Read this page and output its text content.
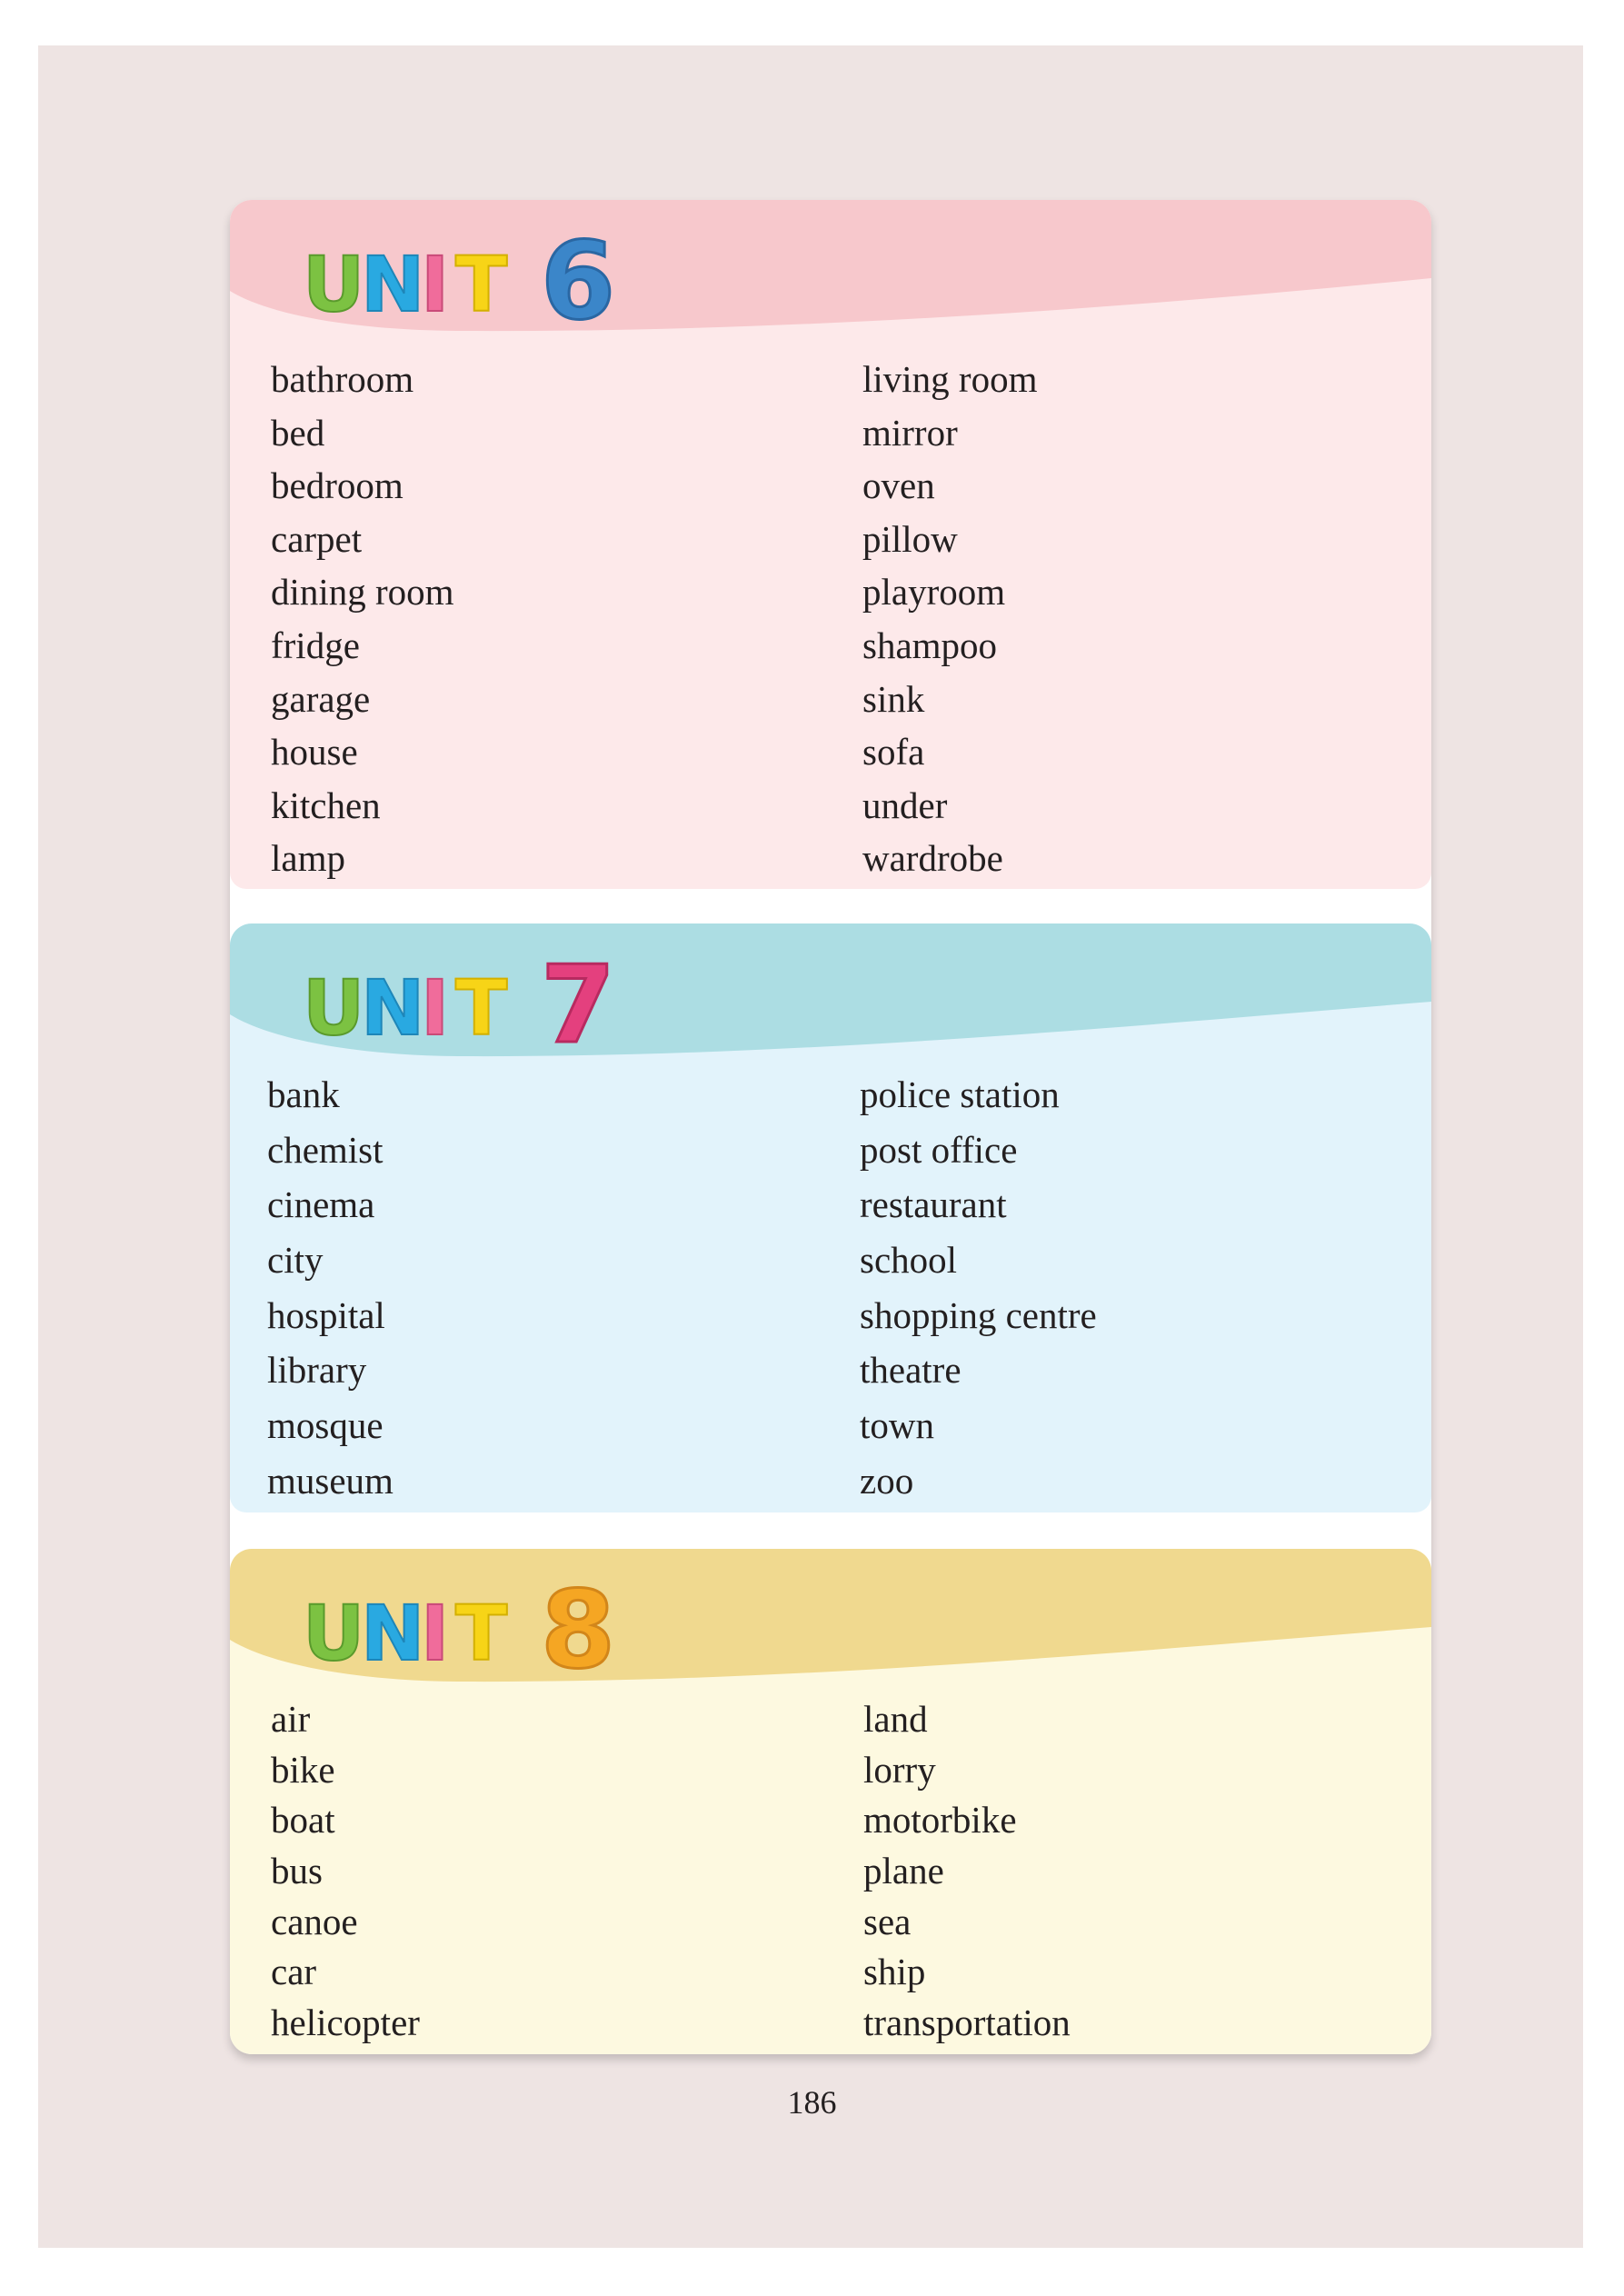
U
N
I T 6
bathroom
bed
bedroom
carpet
dining room
fridge
garage
house
kitchen
lamp
living room
mirror
oven
pillow
playroom
shampoo
sink
sofa
under
wardrobe
U
N
I T 7
bank
chemist
cinema
city
hospital
library
mosque
museum
police station
post office
restaurant
school
shopping centre
theatre
town
zoo
U
N
I T 8
air
bike
boat
bus
canoe
car
helicopter
land
lorry
motorbike
plane
sea
ship
transportation
186
